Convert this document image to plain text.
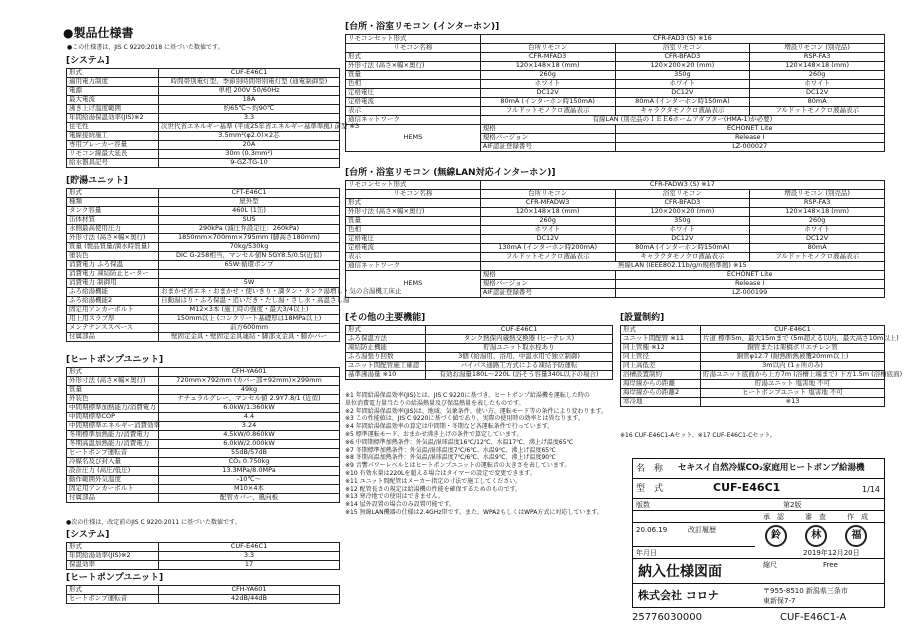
●製品仕様書
●この仕様書は、JIS C 9220:2018 に基づいた数値です。
[システム]
形式	CUF-E46C1
適用電力制度	時間帯別電灯型、季節別時間帯別電灯型 (通電制御型)
電源	単相 200V 50/60Hz
最大電流	18A
沸き上げ温度範囲	約65℃〜約90℃
年間給湯保温効率(JIS)※2	3.3
住宅性	次世代省エネルギー基準 (平成25年省エネルギー基準準拠) 前型 ※3
電線接続施工	3.5mm²(φ2.0)×2芯
専用ブレーカー容量	20A
リモコン線最大延長	30m (0.3mm²)
給水器具記号	9-GZ-TG-10
[貯湯ユニット]
形式	CFT-E46C1
種類	屋外型
タンク容量	460L (1缶)
缶体材質	SUS
水側最高使用圧力	290kPa (減圧弁設定圧：260kPa)
外形寸法 (高さ×幅×奥行)	1850mm×700mm×795mm (脚高さ180mm)
質量 (製品質量/満水時質量)	70kg/530kg
塗装色	DIC G-258相当、マンセル値N 5GY8.5/0.5(近似)
消費電力 ふろ保温	65W:循環ポンプ
消費電力 凍結防止ヒーター	
消費電力 制御用	5W
ふろ給湯機能	おまかせ省エネ・おまかせ・使いきり・満タン・タンク湯増し・気の合湯機工床止
ふろ給湯機能2	自動湯はり・ふろ保温・追いだき・たし湯・さし水・高温さし湯
固定用アンカーボルト	M12×3本 (施工時の強度・最大3/4以上)
用上用スラブ厚	150mm以上 (コンクリート基礎厚は18MPa以上)
メンテナンススペース	前方600mm
付属部品	壁固定金具・壁固定金具連結・脚部支金具・膨かバー
[ヒートポンプユニット]
形式	CFH-YA601
外形寸法 (高さ×幅×奥行)	720mm×792mm (カバー部+92mm)×299mm
質量	49kg
外装色	ナチュラルグレー、マンセル値 2.9Y7.8/1 (近似)
中間期標準加熱能力/消費電力	6.0kW/1.360kW
中間期標準COP	4.4
中間期標準エネルギー消費効率	3.24
冬期標準加熱能力/消費電力	4.5kW/0.860kW
冬期高温加熱能力/消費電力	6.0kW/2.000kW
ヒートポンプ運転音	55dB/57dB
冷媒名及び封入量	CO₂ 0.750kg
設計圧力 (高圧/低圧)	13.3MPa/8.0MPa
動作範囲外気温度	-10℃〜
固定用アンカーボルト	M10×4本
付属部品	配管カバー、風向板
●次の仕様は、改定前のJIS C 9220:2011 に基づいた数値です。
[システム]
形式	CUF-E46C1
年間給湯効率(JIS)※2	3.3
保温効率	17
[ヒートポンプユニット]
形式	CFH-YA601
ヒートポンプ運転音	42dB/44dB
[台所・浴室リモコン (インターホン)]
リモコンセット形式	CFR-FAD3 (S) ※16		
リモコン名称	台所リモコン	浴室リモコン	増設リモコン (別売品)
形式	CFR-MFAD3	CFR-BFAD3	RSP-FA3
外形寸法 (高さ×幅×奥行)	120×148×18 (mm)	120×200×20 (mm)	120×148×18 (mm)
質量	260g	350g	260g
色相	ホワイト	ホワイト	ホワイト
定格電圧	DC12V	DC12V	DC12V
定格電流	80mA (インターホン時150mA)	80mA (インターホン時150mA)	80mA
表示	フルドットモノクロ液晶表示	キャラクタモノクロ液晶表示	フルドットモノクロ液晶表示
通信ネットワーク	有線LAN (別売品のＩＥＥ6ホームアダプター(HMA-1)が必要)		
HEMS	規格	ECHONET Lite	
	規格バージョン	Release I	
	AIF認証登録番号	LZ-000027	
[台所・浴室リモコン (無線LAN対応インターホン)]
リモコンセット形式	CFR-FADW3 (S) ※17		
リモコン名称	台所リモコン	浴室リモコン	増設リモコン (別売品)
形式	CFR-MFADW3	CFR-BFAD3	RSP-FA3
外形寸法 (高さ×幅×奥行)	120×148×18 (mm)	120×200×20 (mm)	120×148×18 (mm)
質量	260g	350g	260g
色相	ホワイト	ホワイト	ホワイト
定格電圧	DC12V	DC12V	DC12V
定格電流	130mA (インターホン時200mA)	80mA (インターホン時150mA)	80mA
表示	フルドットモノクロ液晶表示	キャラクタモノクロ液晶表示	フルドットモノクロ液晶表示
通信ネットワーク	無線LAN (IEEE802.11b/g/n規格準拠) ※15		
HEMS	規格	ECHONET Lite	
	規格バージョン	Release I	
	AIF認証登録番号	LZ-000199	
[その他の主要機能]
形式	CUF-E46C1
ふろ保温方法	タンク熱保内蔵熱交換器 (ヒーテレス)
凍結防止機能	貯湯ユニット取水栓あり
ふろ湯張り回数	3個 (給湯用、浴用、中温水用で独立制御)
ユニット間配管施工確認	バイパス通路工方式による凍結予防運転
基準沸湯量 ※10	有効お湯量180L〜220L (浴そう容量340L以下の場合)
[設置制約]
形式	CUF-E46C1
ユニット間配管 ※11	片道 標準5m、最大15mまで (5m超える以内、最大高さ10m以上)
同上管種 ※12	銅管または架橋ポリエチレン管
同上管径	銅管φ12.7 (耐熱断熱被覆20mm以上)
同上高低差	3m以内 (1ヵ所のみ)
浴槽設置制約	貯湯ユニット底面から上方7m (浴槽上端まで) 下方1.5m (浴槽底面)
海岸線からの距離	貯湯ユニット 塩害地 不可
海岸線からの距離2	ヒートポンプユニット 塩害地 不可
寒冷地	※13
※1 年間給湯保温効率(JIS)とは、JIS C 9220に基づき、ヒートポンプ給湯機を運転した時の
単位消費電力量当たりの給湯熱量及び保温熱量を表したものです。
※2 年間給湯保温効率(JIS)は、地域、気象条件、使い方、運転モード等の条件により変わります。
※3 この性能値は、JIS C 9220に基づく値であり、実際の使用時の効率とは異なります。
※4 年間給湯保温効率の算定は中間期・冬期など各運転条件で行っています。
※5 標準運転モード、おまかせ沸き上げの条件で算定しています。
※6 中間期標準加熱条件：外気温/湿球温度16℃/12℃、水温17℃、沸上げ温度65℃
※7 冬期標準加熱条件：外気温/湿球温度7℃/6℃、水温9℃、沸上げ温度65℃
※8 冬期高温加熱条件：外気温/湿球温度7℃/6℃、水温9℃、沸上げ温度90℃
※9 音響パワーレベルとはヒートポンプユニットの運転音の大きさを表しています。
※10 有効水量は220Lを超える場合はタイマーの設定で変更できます。
※11 ユニット間配管はメーカー指定の寸法で施工してください。
※12 配管長さの規定は給湯機の性能を確保するためのものです。
※13 寒冷地での使用はできません。
※14 屋外設置の場合のみ設置可能です。
※15 無線LAN機器の仕様は2.4GHz帯です。また、WPA2もしくはWPA方式に対応しています。
※16 CUF-E46C1-Aセット、※17 CUF-E46C1-Cセット。
名　称	セキスイ自然冷媒CO₂家庭用ヒートポンプ給湯機
型　式	CUF-E46C1	1/14
版数	第2版
承　認	審　査	作　成
20.06.19	改訂履歴	鈴	林	福
年月日	2019年12月20日
納入仕様図面	縮尺	Free
株式会社 コロナ	〒955-8510 新潟県三条市
東新保7-7
25776030000	CUF-E46C1-A
